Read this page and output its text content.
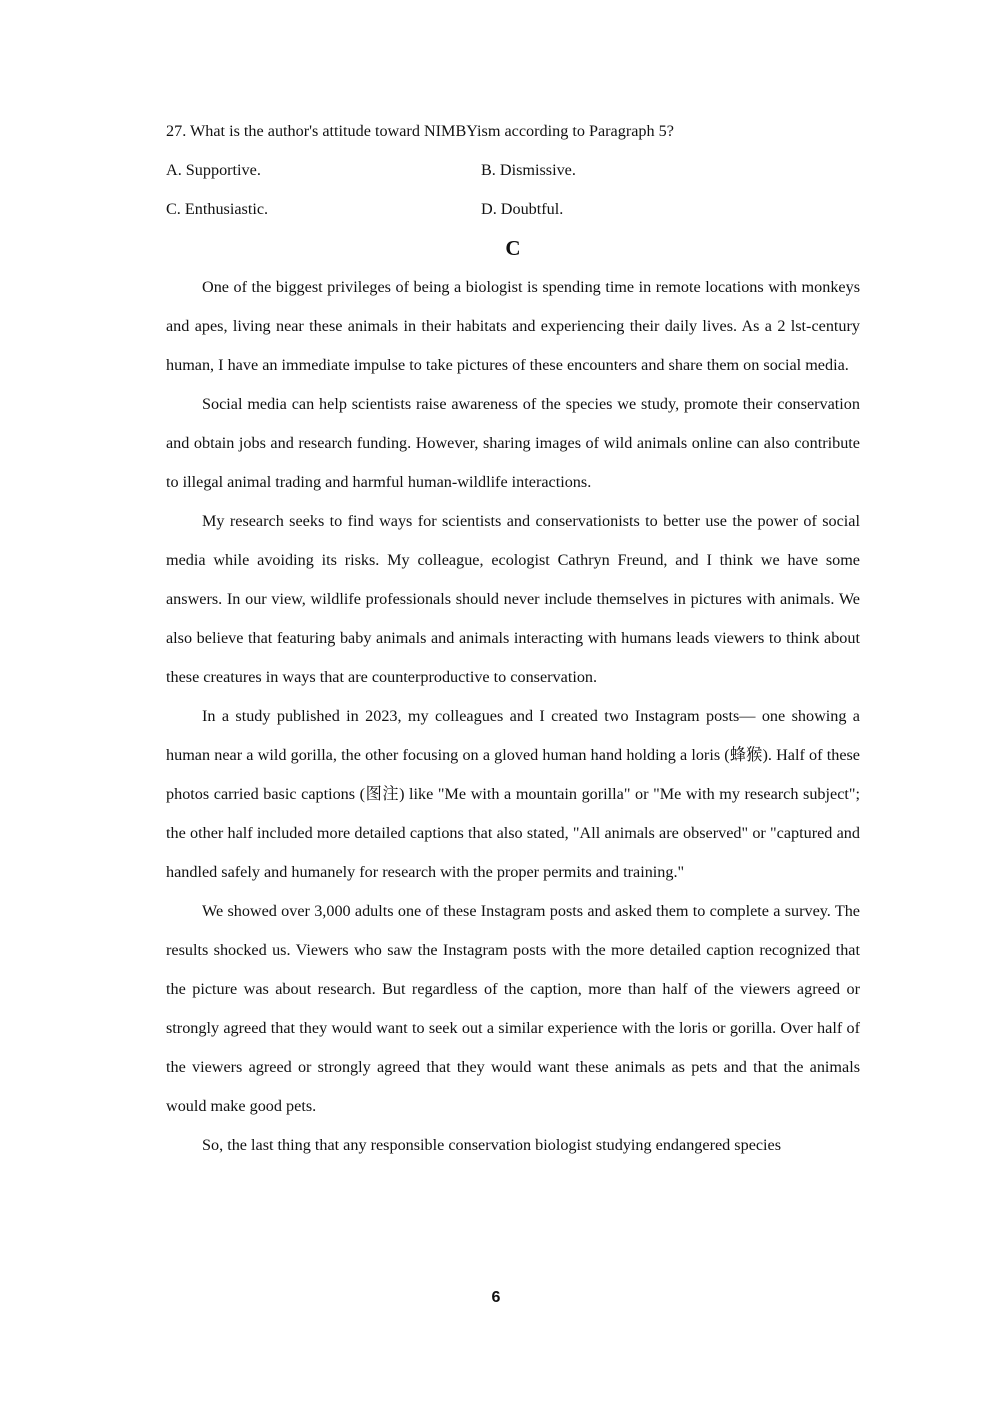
27. What is the author's attitude toward NIMBYism according to Paragraph 5?

A. Supportive.	B. Dismissive.
C. Enthusiastic.	D. Doubtful.
C

One of the biggest privileges of being a biologist is spending time in remote locations with monkeys and apes, living near these animals in their habitats and experiencing their daily lives. As a 2 lst-century human, I have an immediate impulse to take pictures of these encounters and share them on social media.

Social media can help scientists raise awareness of the species we study, promote their conservation and obtain jobs and research funding. However, sharing images of wild animals online can also contribute to illegal animal trading and harmful human-wildlife interactions.

My research seeks to find ways for scientists and conservationists to better use the power of social media while avoiding its risks. My colleague, ecologist Cathryn Freund, and I think we have some answers. In our view, wildlife professionals should never include themselves in pictures with animals. We also believe that featuring baby animals and animals interacting with humans leads viewers to think about these creatures in ways that are counterproductive to conservation.

In a study published in 2023, my colleagues and I created two Instagram posts— one showing a human near a wild gorilla, the other focusing on a gloved human hand holding a loris (蜂猴). Half of these photos carried basic captions (图注) like "Me with a mountain gorilla" or "Me with my research subject"; the other half included more detailed captions that also stated, "All animals are observed" or "captured and handled safely and humanely for research with the proper permits and training."

We showed over 3,000 adults one of these Instagram posts and asked them to complete a survey. The results shocked us. Viewers who saw the Instagram posts with the more detailed caption recognized that the picture was about research. But regardless of the caption, more than half of the viewers agreed or strongly agreed that they would want to seek out a similar experience with the loris or gorilla. Over half of the viewers agreed or strongly agreed that they would want these animals as pets and that the animals would make good pets.

So, the last thing that any responsible conservation biologist studying endangered species

6
